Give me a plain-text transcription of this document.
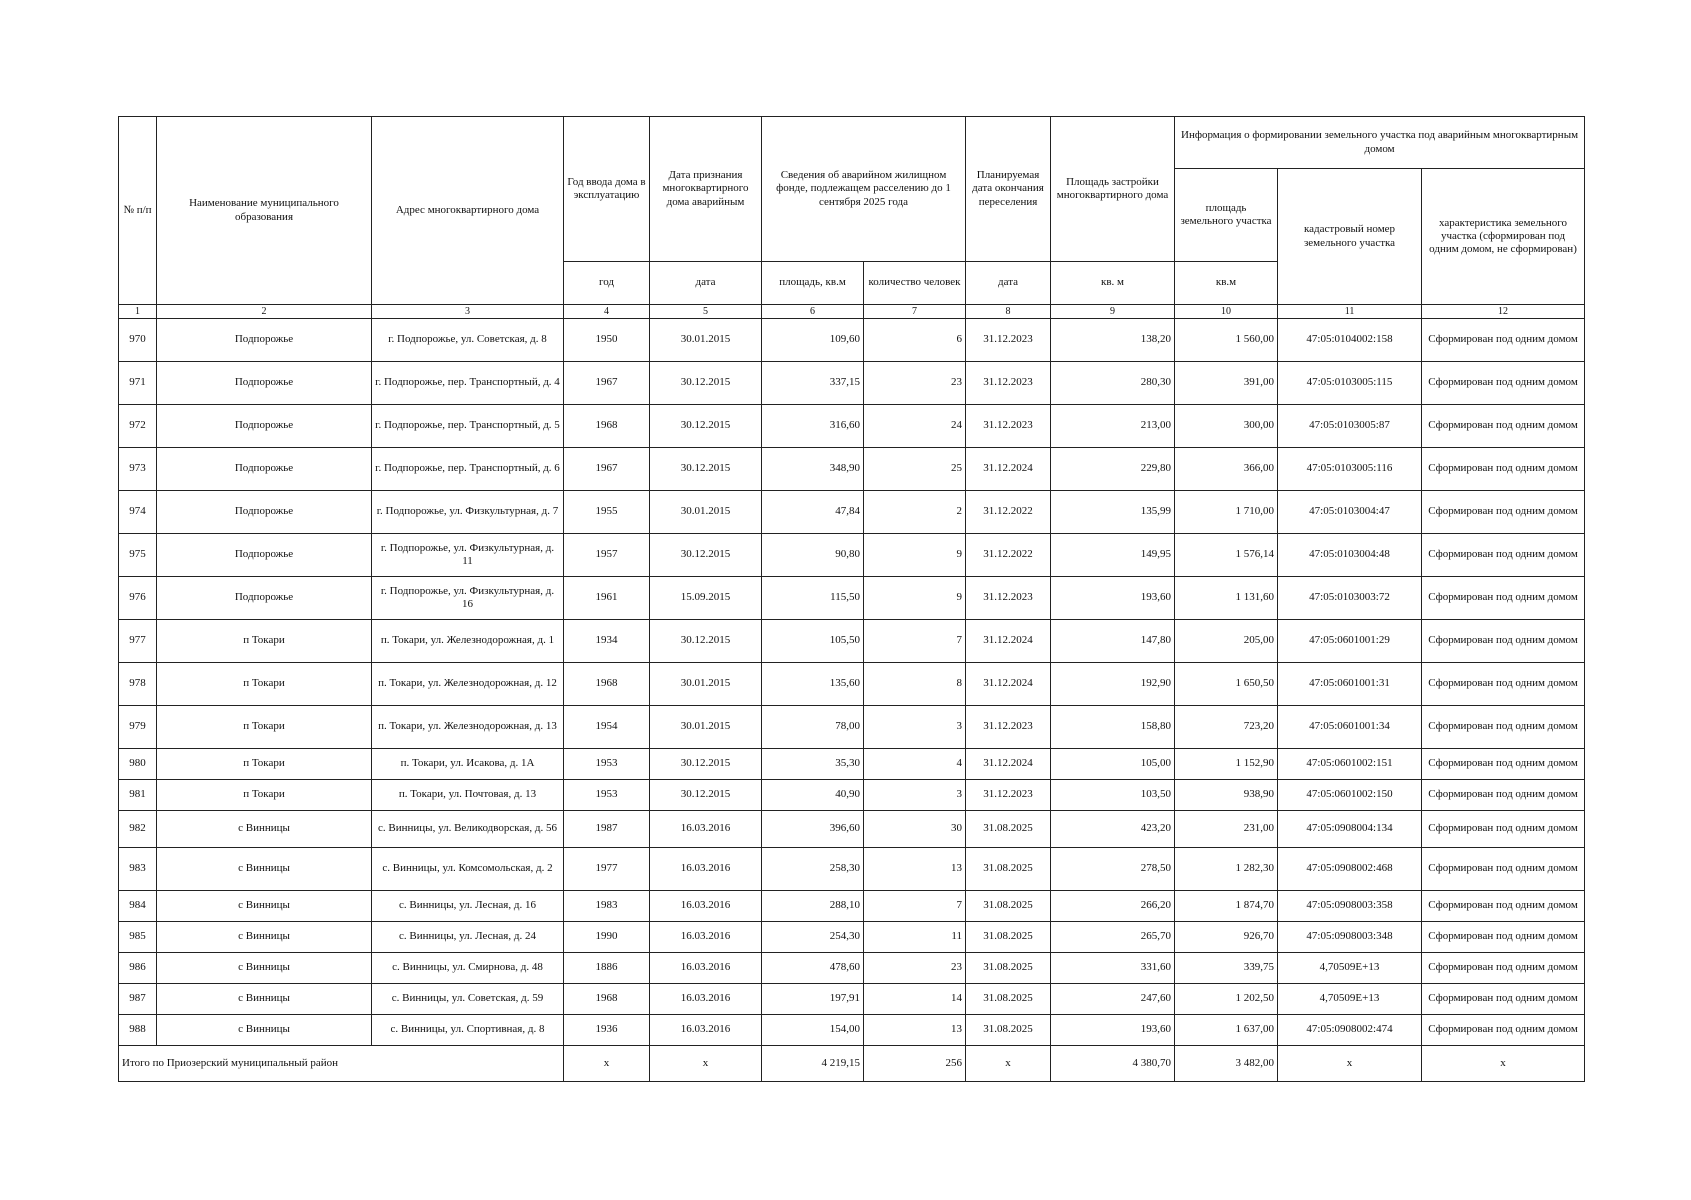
№ п/п	Наименование муниципального образования	Адрес многоквартирного дома	Год ввода дома в эксплуатацию	Дата признания многоквартирного дома аварийным	Сведения об аварийном жилищном фонде, подлежащем расселению до 1 сентября 2025 года		Планируемая дата окончания переселения	Площадь застройки многоквартирного дома	Информация о формировании земельного участка под аварийным многоквартирным домом		
									площадь земельного участка	кадастровый номер земельного участка	характеристика земельного участка (сформирован под одним домом, не сформирован)
			год	дата	площадь, кв.м	количество человек	дата	кв. м	кв.м		
1	2	3	4	5	6	7	8	9	10	11	12
970	Подпорожье	г. Подпорожье, ул. Советская, д. 8	1950	30.01.2015	109,60	6	31.12.2023	138,20	1 560,00	47:05:0104002:158	Сформирован под одним домом
971	Подпорожье	г. Подпорожье, пер. Транспортный, д. 4	1967	30.12.2015	337,15	23	31.12.2023	280,30	391,00	47:05:0103005:115	Сформирован под одним домом
972	Подпорожье	г. Подпорожье, пер. Транспортный, д. 5	1968	30.12.2015	316,60	24	31.12.2023	213,00	300,00	47:05:0103005:87	Сформирован под одним домом
973	Подпорожье	г. Подпорожье, пер. Транспортный, д. 6	1967	30.12.2015	348,90	25	31.12.2024	229,80	366,00	47:05:0103005:116	Сформирован под одним домом
974	Подпорожье	г. Подпорожье, ул. Физкультурная, д. 7	1955	30.01.2015	47,84	2	31.12.2022	135,99	1 710,00	47:05:0103004:47	Сформирован под одним домом
975	Подпорожье	г. Подпорожье, ул. Физкультурная, д. 11	1957	30.12.2015	90,80	9	31.12.2022	149,95	1 576,14	47:05:0103004:48	Сформирован под одним домом
976	Подпорожье	г. Подпорожье, ул. Физкультурная, д. 16	1961	15.09.2015	115,50	9	31.12.2023	193,60	1 131,60	47:05:0103003:72	Сформирован под одним домом
977	п Токари	п. Токари, ул. Железнодорожная, д. 1	1934	30.12.2015	105,50	7	31.12.2024	147,80	205,00	47:05:0601001:29	Сформирован под одним домом
978	п Токари	п. Токари, ул. Железнодорожная, д. 12	1968	30.01.2015	135,60	8	31.12.2024	192,90	1 650,50	47:05:0601001:31	Сформирован под одним домом
979	п Токари	п. Токари, ул. Железнодорожная, д. 13	1954	30.01.2015	78,00	3	31.12.2023	158,80	723,20	47:05:0601001:34	Сформирован под одним домом
980	п Токари	п. Токари, ул. Исакова, д. 1А	1953	30.12.2015	35,30	4	31.12.2024	105,00	1 152,90	47:05:0601002:151	Сформирован под одним домом
981	п Токари	п. Токари, ул. Почтовая, д. 13	1953	30.12.2015	40,90	3	31.12.2023	103,50	938,90	47:05:0601002:150	Сформирован под одним домом
982	с Винницы	с. Винницы, ул. Великодворская, д. 56	1987	16.03.2016	396,60	30	31.08.2025	423,20	231,00	47:05:0908004:134	Сформирован под одним домом
983	с Винницы	с. Винницы, ул. Комсомольская, д. 2	1977	16.03.2016	258,30	13	31.08.2025	278,50	1 282,30	47:05:0908002:468	Сформирован под одним домом
984	с Винницы	с. Винницы, ул. Лесная, д. 16	1983	16.03.2016	288,10	7	31.08.2025	266,20	1 874,70	47:05:0908003:358	Сформирован под одним домом
985	с Винницы	с. Винницы, ул. Лесная, д. 24	1990	16.03.2016	254,30	11	31.08.2025	265,70	926,70	47:05:0908003:348	Сформирован под одним домом
986	с Винницы	с. Винницы, ул. Смирнова, д. 48	1886	16.03.2016	478,60	23	31.08.2025	331,60	339,75	4,70509E+13	Сформирован под одним домом
987	с Винницы	с. Винницы, ул. Советская, д. 59	1968	16.03.2016	197,91	14	31.08.2025	247,60	1 202,50	4,70509E+13	Сформирован под одним домом
988	с Винницы	с. Винницы, ул. Спортивная, д. 8	1936	16.03.2016	154,00	13	31.08.2025	193,60	1 637,00	47:05:0908002:474	Сформирован под одним домом
Итого по Приозерский муниципальный район			х	х	4 219,15	256	х	4 380,70	3 482,00	х	х
